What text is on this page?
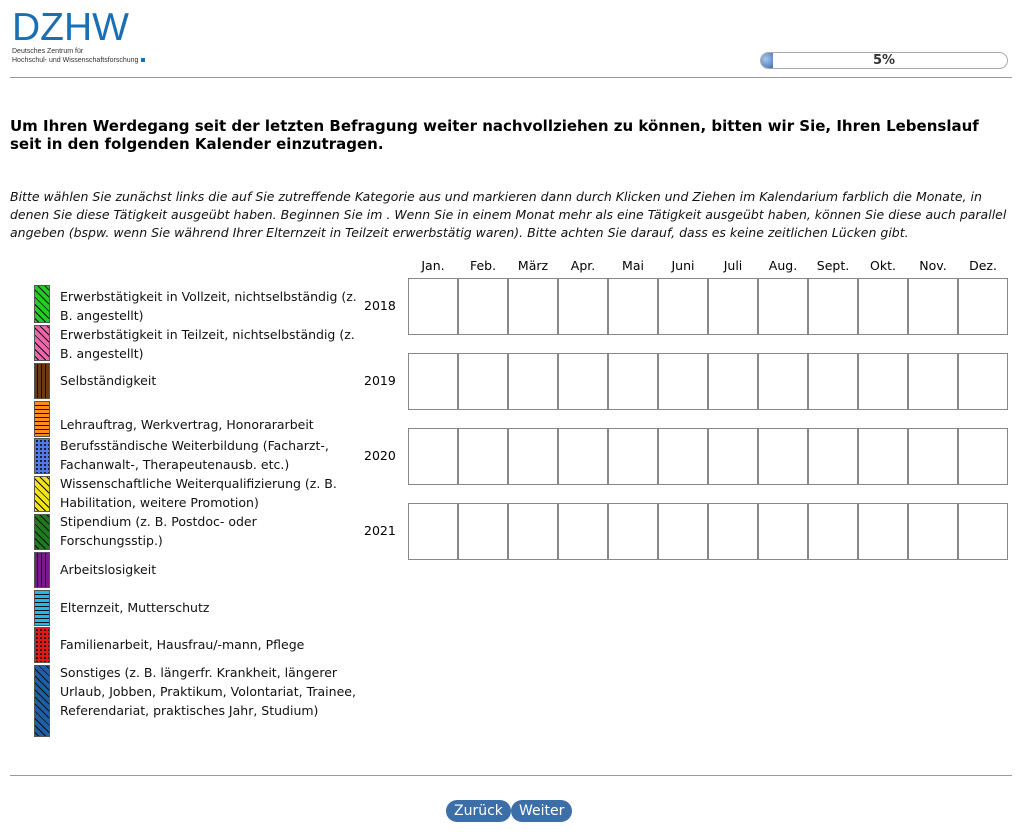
DZHW
Deutsches Zentrum für
Hochschul- und Wissenschaftsforschung	5%
Um Ihren Werdegang seit der letzten Befragung weiter nachvollziehen zu können, bitten wir Sie, Ihren Lebenslauf seit in den folgenden Kalender einzutragen.

Bitte wählen Sie zunächst links die auf Sie zutreffende Kategorie aus und markieren dann durch Klicken und Ziehen im Kalendarium farblich die Monate, in denen Sie diese Tätigkeit ausgeübt haben. Beginnen Sie im . Wenn Sie in einem Monat mehr als eine Tätigkeit ausgeübt haben, können Sie diese auch parallel angeben (bspw. wenn Sie während Ihrer Elternzeit in Teilzeit erwerbstätig waren). Bitte achten Sie darauf, dass es keine zeitlichen Lücken gibt.

Erwerbstätigkeit in Vollzeit, nichtselbständig (z. B. angestellt)
Erwerbstätigkeit in Teilzeit, nichtselbständig (z. B. angestellt)
Selbständigkeit
Lehrauftrag, Werkvertrag, Honorararbeit
Berufsständische Weiterbildung (Facharzt-, Fachanwalt-, Therapeutenausb. etc.)
Wissenschaftliche Weiterqualifizierung (z. B. Habilitation, weitere Promotion)
Stipendium (z. B. Postdoc- oder Forschungsstip.)
Arbeitslosigkeit
Elternzeit, Mutterschutz
Familienarbeit, Hausfrau/-mann, Pflege
Sonstiges (z. B. längerfr. Krankheit, längerer Urlaub, Jobben, Praktikum, Volontariat, Trainee, Referendariat, praktisches Jahr, Studium)
Jan.	Feb.	März	Apr.	Mai	Juni	Juli	Aug.	Sept.	Okt.	Nov.	Dez.
2018
2019
2020
2021
Zurück	Weiter
